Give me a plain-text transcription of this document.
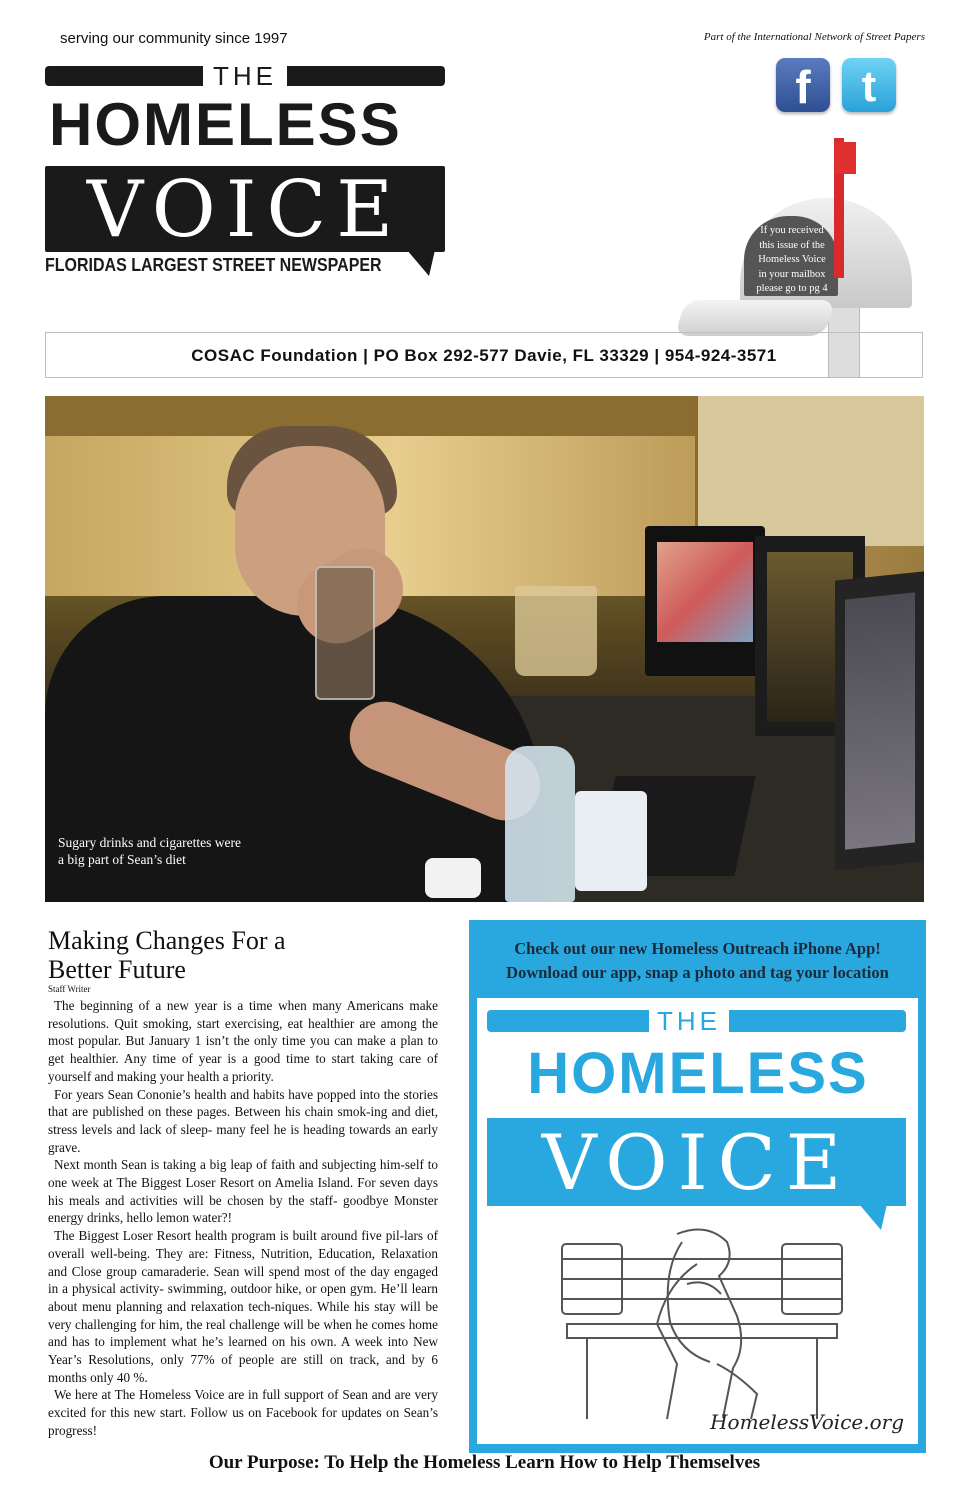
serving our community since 1997	Part of the International Network of Street Papers
THE
HOMELESS
VOICE
FLORIDAS LARGEST STREET NEWSPAPER
f	t
If you received
this issue of the
Homeless Voice
in your mailbox
please go to pg 4
COSAC Foundation | PO Box 292-577 Davie, FL 33329 | 954-924-3571
Sugary drinks and cigarettes were
a big part of Sean’s diet
Making Changes For a
Better Future
Staff Writer

The beginning of a new year is a time when many Americans make resolutions. Quit smoking, start exercising, eat healthier are among the most popular. But January 1 isn’t the only time you can make a plan to get healthier. Any time of year is a good time to start taking care of yourself and making your health a priority.

For years Sean Cononie’s health and habits have popped into the stories that are published on these pages. Between his chain smok-ing and diet, stress levels and lack of sleep- many feel he is heading towards an early grave.

Next month Sean is taking a big leap of faith and subjecting him-self to one week at The Biggest Loser Resort on Amelia Island. For seven days his meals and activities will be chosen by the staff- goodbye Monster energy drinks, hello lemon water?!

The Biggest Loser Resort health program is built around five pil-lars of overall well-being. They are: Fitness, Nutrition, Education, Relaxation and Close group camaraderie. Sean will spend most of the day engaged in a physical activity- swimming, outdoor hike, or open gym. He’ll learn about menu planning and relaxation tech-niques. While his stay will be very challenging for him, the real challenge will be when he comes home and has to implement what he’s learned on his own. A week into New Year’s Resolutions, only 77% of people are still on track, and by 6 months only 40 %.

We here at The Homeless Voice are in full support of Sean and are very excited for this new start. Follow us on Facebook for updates on Sean’s progress!

Check out our new Homeless Outreach iPhone App!
Download our app, snap a photo and tag your location
THE
HOMELESS
VOICE
HomelessVoice.org
Our Purpose: To Help the Homeless Learn How to Help Themselves
